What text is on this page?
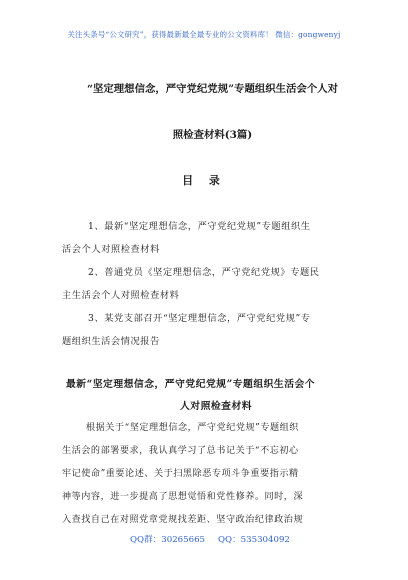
关注头条号“公文研究”，获得最新最全最专业的公文资料库！ 微信：gongwenyj
“坚定理想信念，严守党纪党规”专题组织生活会个人对
照检查材料(3篇)
目 录
1、最新“坚定理想信念，严守党纪党规”专题组织生
活会个人对照检查材料
2、普通党员《坚定理想信念，严守党纪党规》专题民
主生活会个人对照检查材料
3、某党支部召开“坚定理想信念，严守党纪党规”专
题组织生活会情况报告
最新“坚定理想信念，严守党纪党规”专题组织生活会个
人对照检查材料
根据关于“坚定理想信念，严守党纪党规”专题组织
生活会的部署要求，我认真学习了总书记关于“不忘初心
牢记使命”重要论述、关于扫黑除恶专项斗争重要指示精
神等内容，进一步提高了思想觉悟和党性修养。同时，深
入查找自己在对照党章党规找差距、坚守政治纪律政治规
QQ群：30265665 QQ：535304092
